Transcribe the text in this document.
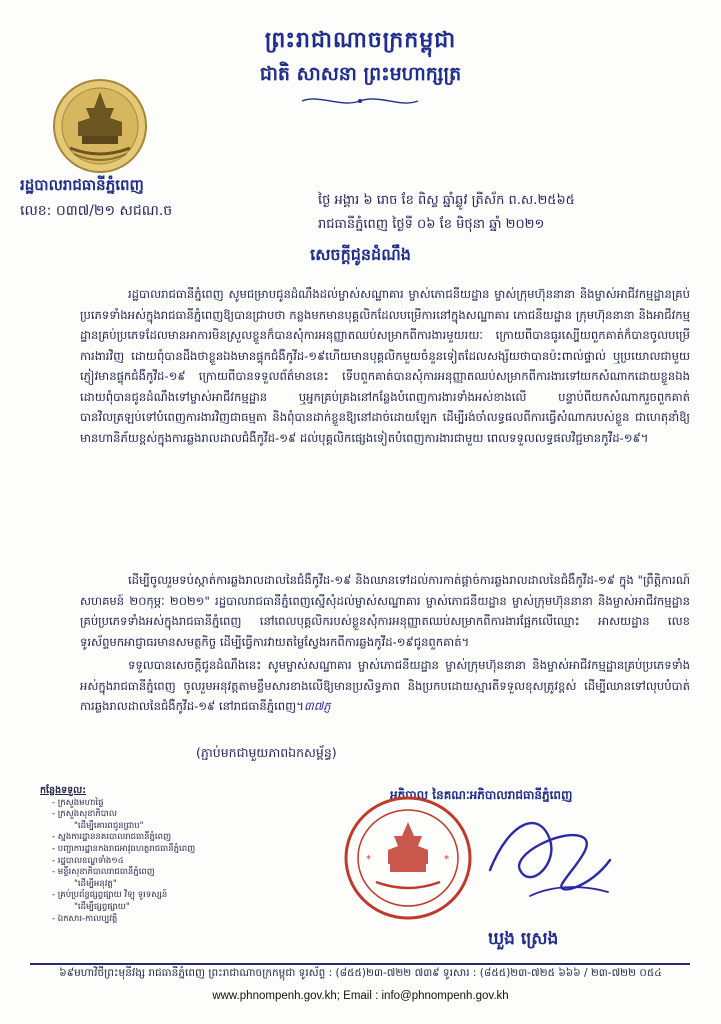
ព្រះរាជាណាចក្រកម្ពុជា
ជាតិ សាសនា ព្រះមហាក្សត្រ
រដ្ឋបាលរាជធានីភ្នំពេញ
លេខ: ០៣៧/២១ សជណ.ច
ថ្ងៃ អង្គារ ៦ រោច ខែ ពិស្ខ ឆ្នាំឆ្លូវ ត្រីស័ក ព.ស.២៥៦៥
រាជធានីភ្នំពេញ ថ្ងៃទី ០៦ ខែ មិថុនា ឆ្នាំ ២០២១
សេចក្តីជូនដំណឹង
រដ្ឋបាលរាជធានីភ្នំពេញ សូមជម្រាបជូនដំណឹងដល់ម្ចាស់សណ្ឋាគារ ម្ចាស់ភោជនីយដ្ឋាន ម្ចាស់ក្រុមហ៊ុននានា និងម្ចាស់អាជីវកម្មដ្ឋានគ្រប់ប្រភេទទាំងអស់ក្នុងរាជធានីភ្នំពេញឱ្យបានជ្រាបថា កន្លងមកមានបុគ្គលិកដែលបម្រើការនៅក្នុងសណ្ឋាគារ ភោជនីយដ្ឋាន ក្រុមហ៊ុននានា និងអាជីវកម្មដ្ឋានគ្រប់ប្រភេទដែលមានអាការមិនស្រួលខ្លួនក៏បានសុំការអនុញ្ញាតឈប់សម្រាកពីការងារមួយរយៈ ក្រោយពីបានធូរស្បើយពួកគាត់ក៏បានចូលបម្រើការងារវិញ ដោយពុំបានដឹងថាខ្លួនឯងមានផ្ទុកជំងឺកូវីដ-១៩ហើយមានបុគ្គលិកមួយចំនួនទៀតដែលសង្ស័យថាបានប៉ះពាល់ផ្ទាល់ ឬប្រយោលជាមួយភ្ញៀវមានផ្ទុកជំងឺកូវីដ-១៩ ក្រោយពីបានទទួលព័ត៌មាននេះ ទើបពួកគាត់បានសុំការអនុញ្ញាតឈប់សម្រាកពីការងារទៅយកសំណាកដោយខ្លួនឯងដោយពុំបានជូនដំណឹងទៅម្ចាស់អាជីវកម្មដ្ឋាន ឬអ្នកគ្រប់គ្រងនៅកន្លែងបំពេញការងារទាំងអស់ខាងលើ បន្ទាប់ពីយកសំណាករួចពួកគាត់បានវិលត្រឡប់ទៅបំពេញការងារវិញជាធម្មតា និងពុំបានដាក់ខ្លួនឱ្យនៅដាច់ដោយឡែក ដើម្បីរង់ចាំលទ្ធផលពីការធ្វើសំណាករបស់ខ្លួន ជាហេតុនាំឱ្យមានហានិភ័យខ្ពស់ក្នុងការឆ្លងរាលដាលជំងឺកូវីដ-១៩ ដល់បុគ្គលិកផ្សេងទៀតបំពេញការងារជាមួយ ពេលទទួលលទ្ធផលវិជ្ជមានកូវីដ-១៩។
ដើម្បីចូលរួមទប់ស្កាត់ការឆ្លងរាលដាលនៃជំងឺកូវីដ-១៩ និងឈានទៅដល់ការកាត់ផ្តាច់ការឆ្លងរាលដាលនៃជំងឺកូវីដ-១៩ ក្នុង "ព្រឹត្តិការណ៍ សហគមន៍ ២០កុម្ភៈ ២០២១" រដ្ឋបាលរាជធានីភ្នំពេញស្នើសុំដល់ម្ចាស់សណ្ឋាគារ ម្ចាស់ភោជនីយដ្ឋាន ម្ចាស់ក្រុមហ៊ុននានា និងម្ចាស់អាជីវកម្មដ្ឋានគ្រប់ប្រភេទទាំងអស់ក្នុងរាជធានីភ្នំពេញ នៅពេលបុគ្គលិករបស់ខ្លួនសុំការអនុញ្ញាតឈប់សម្រាកពីការងារផ្អែកលើឈ្មោះ អាសយដ្ឋាន លេខទូរស័ព្ទមកអាជ្ញាធរមានសមត្ថកិច្ច ដើម្បីធ្វើការវាយតម្លៃស្វែងរកពីការឆ្លងកូវីដ-១៩ជូនពួកគាត់។
ទទួលបានសេចក្តីជូនដំណឹងនេះ សូមម្ចាស់សណ្ឋាគារ ម្ចាស់ភោជនីយដ្ឋាន ម្ចាស់ក្រុមហ៊ុននានា និងម្ចាស់អាជីវកម្មដ្ឋានគ្រប់ប្រភេទទាំងអស់ក្នុងរាជធានីភ្នំពេញ ចូលរួមអនុវត្តតាមខ្លឹមសារខាងលើឱ្យមានប្រសិទ្ធភាព និងប្រកបដោយស្មារតីទទួលខុសត្រូវខ្ពស់ ដើម្បីឈានទៅលុបបំបាត់ការឆ្លងរាលដាលនៃជំងឺកូវីដ-១៩ នៅរាជធានីភ្នំពេញ។៣៧ភ្ញ
(ភ្ជាប់មកជាមួយភាពឯកសម្ព័ន្ធ)
កន្លែងទទួល:
- ក្រសួងមហាផ្ទៃ
- ក្រសួងសុខាភិបាល
"ដើម្បីគោរពជូនជ្រាប"
- ស្នងការដ្ឋាននគរបាលរាជធានីភ្នំពេញ
- បញ្ជាការដ្ឋានកងរាជអាវុធហត្ថរាជធានីភ្នំពេញ
- រដ្ឋបាលខណ្ឌទាំង១៤
- មន្ទីរសុខាភិបាលរាជធានីភ្នំពេញ
"ដើម្បីអនុវត្ត"
- គ្រប់ប្រព័ន្ធផ្សព្វផ្សាយ វិទ្យុ ទូរទស្សន៍
"ដើម្បីផ្សព្វផ្សាយ"
- ឯកសារ-កាលប្បវត្តិ
អភិបាល នៃគណៈអភិបាលរាជធានីភ្នំពេញ
*	*
ឃួង ស្រេង
៦៩មហាវិថីព្រះមុនីវង្ស រាជធានីភ្នំពេញ ព្រះរាជាណាចក្រកម្ពុជា ទូរស័ព្ទ : (៨៥៥)២៣-៧២២ ៧៣៩ ទូរសារ : (៨៥៥)២៣-៧២៥ ៦៦៦ / ២៣-៧២២ ០៥៤
www.phnompenh.gov.kh; Email : info@phnompenh.gov.kh
